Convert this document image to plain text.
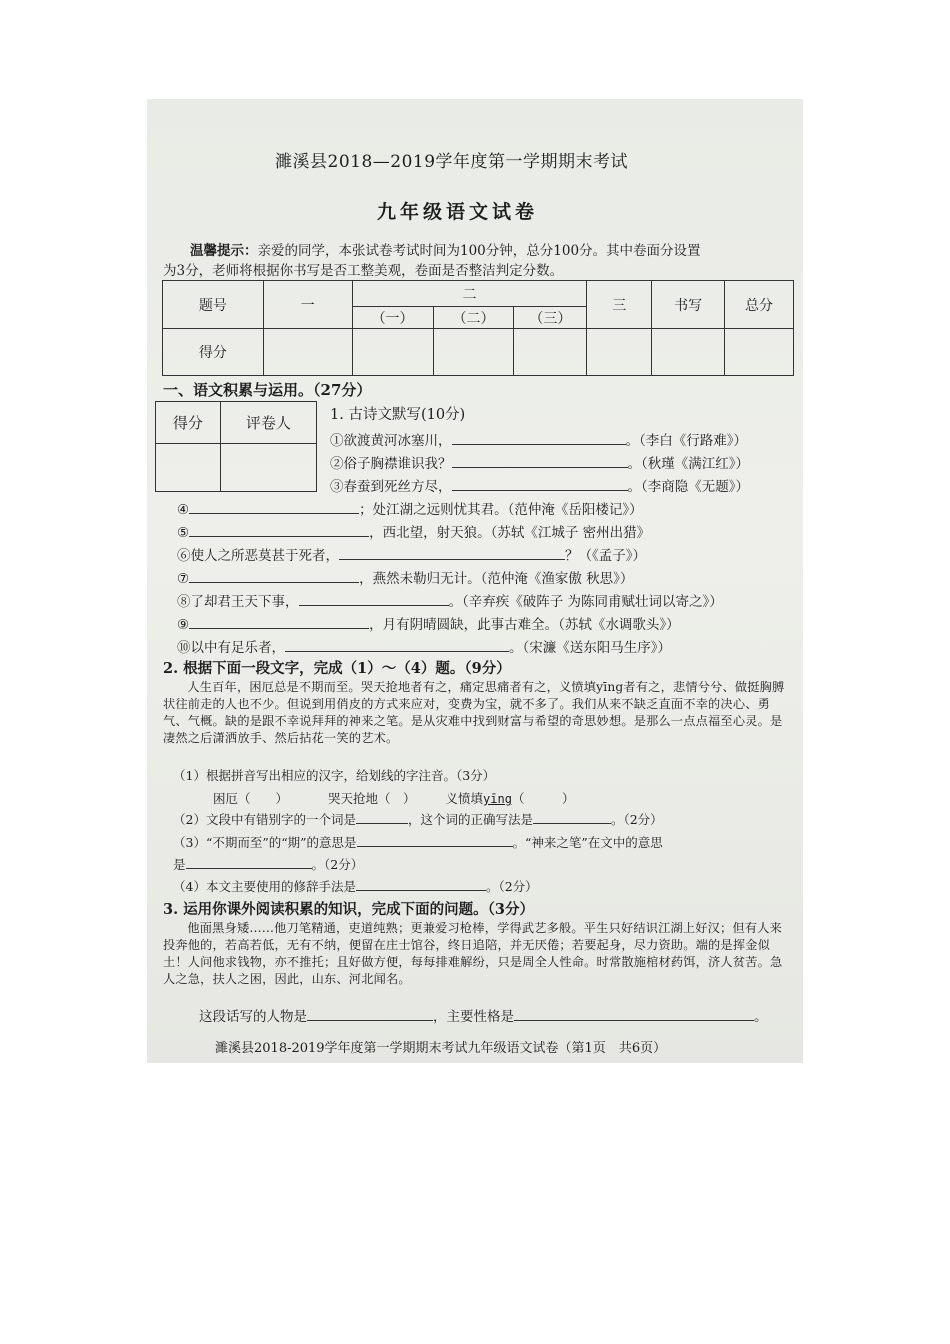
濉溪县2018—2019学年度第一学期期末考试
九年级语文试卷
温馨提示：亲爱的同学，本张试卷考试时间为100分钟，总分100分。其中卷面分设置
为3分，老师将根据你书写是否工整美观，卷面是否整洁判定分数。
题号	一	二			三	书写	总分
		（一）	（二）	（三）			
得分							
一、语文积累与运用。（27分）
得分	评卷人
		1. 古诗文默写(10分)
①欲渡黄河冰塞川，	。（李白《行路难》）
②俗子胸襟谁识我？	。（秋瑾《满江红》）
③春蚕到死丝方尽，	。（李商隐《无题》）
④	；处江湖之远则忧其君。（范仲淹《岳阳楼记》）
⑤	，西北望，射天狼。（苏轼《江城子 密州出猎》
⑥使人之所恶莫甚于死者，	？（《孟子》）
⑦	，燕然未勒归无计。（范仲淹《渔家傲 秋思》）
⑧了却君王天下事，	。（辛弃疾《破阵子 为陈同甫赋壮词以寄之》）
⑨	，月有阴晴圆缺，此事古难全。（苏轼《水调歌头》）
⑩以中有足乐者，	。（宋濂《送东阳马生序》）
2. 根据下面一段文字，完成（1）～（4）题。（9分）

人生百年，困厄总是不期而至。哭天抢地者有之，痛定思痛者有之，义愤填yīng者有之，悲情兮兮、做挺胸膊状往前走的人也不少。但说到用俏皮的方式来应对，变费为宝，就不多了。我们从来不缺乏直面不幸的决心、勇气、气概。缺的是跟不幸说拜拜的神来之笔。是从灾难中找到财富与希望的奇思妙想。是那么一点点福至心灵。是凄然之后潇洒放手、然后拈花一笑的艺术。

（1）根据拼音写出相应的汉字，给划线的字注音。（3分）
困厄（　　）	哭天抢地（　） 义愤填yīng（　　　）
（2）文段中有错别字的一个词是	，这个词的正确写法是	。（2分）
（3）“不期而至”的“期”的意思是	。“神来之笔”在文中的意思
是	。（2分）
（4）本文主要使用的修辞手法是	。（2分）
3. 运用你课外阅读积累的知识，完成下面的问题。（3分）

他面黑身矮……他刀笔精通，吏道纯熟；更兼爱习枪棒，学得武艺多般。平生只好结识江湖上好汉；但有人来投奔他的，若高若低，无有不纳，便留在庄士馆谷，终日追陪，并无厌倦；若要起身，尽力资助。端的是挥金似土！人问他求钱物，亦不推托；且好做方便，每每排难解纷，只是周全人性命。时常散施棺材药饵，济人贫苦。急人之急，扶人之困，因此，山东、河北闻名。

这段话写的人物是	，主要性格是	。
濉溪县2018-2019学年度第一学期期末考试九年级语文试卷（第1页　共6页）
